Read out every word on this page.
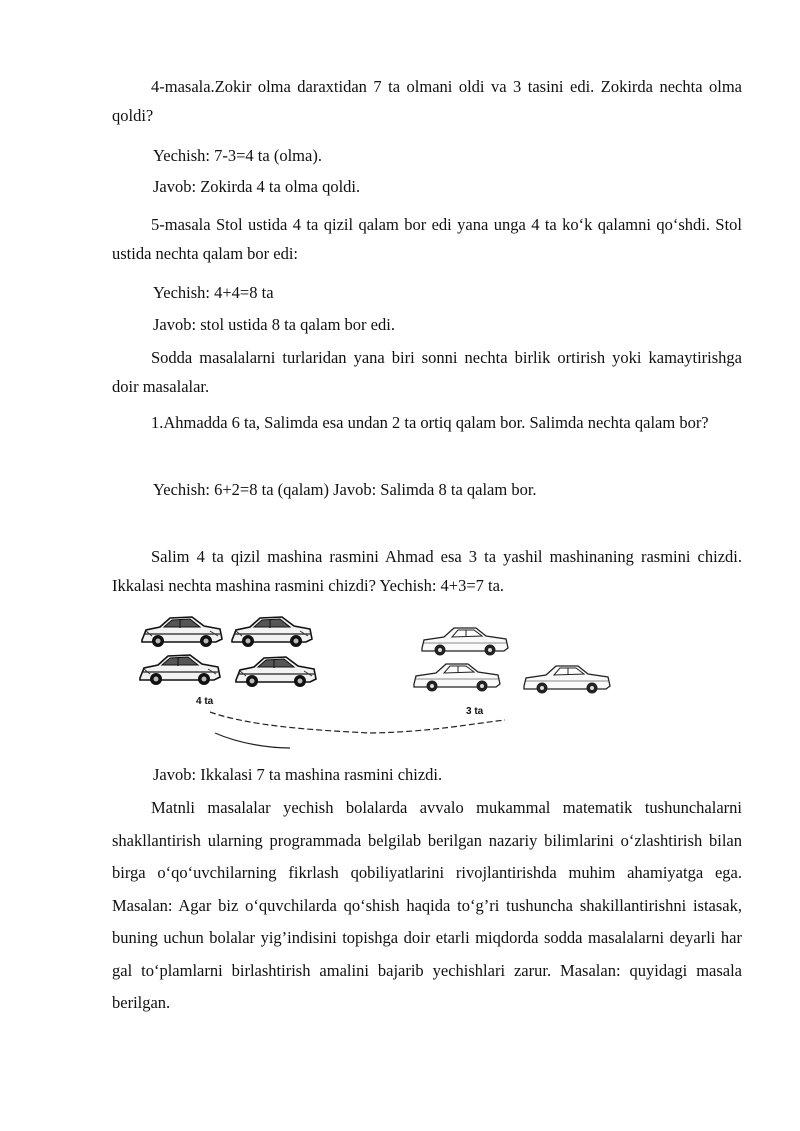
4-masala.Zokir olma daraxtidan 7 ta olmani oldi va 3 tasini edi. Zokirda nechta olma qoldi?

Yechish: 7-3=4 ta (olma).

Javob: Zokirda 4 ta olma qoldi.

5-masala Stol ustida 4 ta qizil qalam bor edi yana unga 4 ta ko‘k qalamni qo‘shdi. Stol ustida nechta qalam bor edi:

Yechish: 4+4=8 ta

Javob: stol ustida 8 ta qalam bor edi.

Sodda masalalarni turlaridan yana biri sonni nechta birlik ortirish yoki kamaytirishga doir masalalar.

1.Ahmadda 6 ta, Salimda esa undan 2 ta ortiq qalam bor. Salimda nechta qalam bor?

Yechish: 6+2=8 ta (qalam) Javob: Salimda 8 ta qalam bor.

Salim 4 ta qizil mashina rasmini Ahmad esa 3 ta yashil mashinaning rasmini chizdi. Ikkalasi nechta mashina rasmini chizdi? Yechish: 4+3=7 ta.

4 ta
3 ta

Javob: Ikkalasi 7 ta mashina rasmini chizdi.

Matnli masalalar yechish bolalarda avvalo mukammal matematik tushunchalarni shakllantirish ularning programmada belgilab berilgan nazariy bilimlarini o‘zlashtirish bilan birga o‘qo‘uvchilarning fikrlash qobiliyatlarini rivojlantirishda muhim ahamiyatga ega. Masalan: Agar biz o‘quvchilarda qo‘shish haqida to‘g’ri tushuncha shakillantirishni istasak, buning uchun bolalar yig’indisini topishga doir etarli miqdorda sodda masalalarni deyarli har gal to‘plamlarni birlashtirish amalini bajarib yechishlari zarur. Masalan: quyidagi masala berilgan.
